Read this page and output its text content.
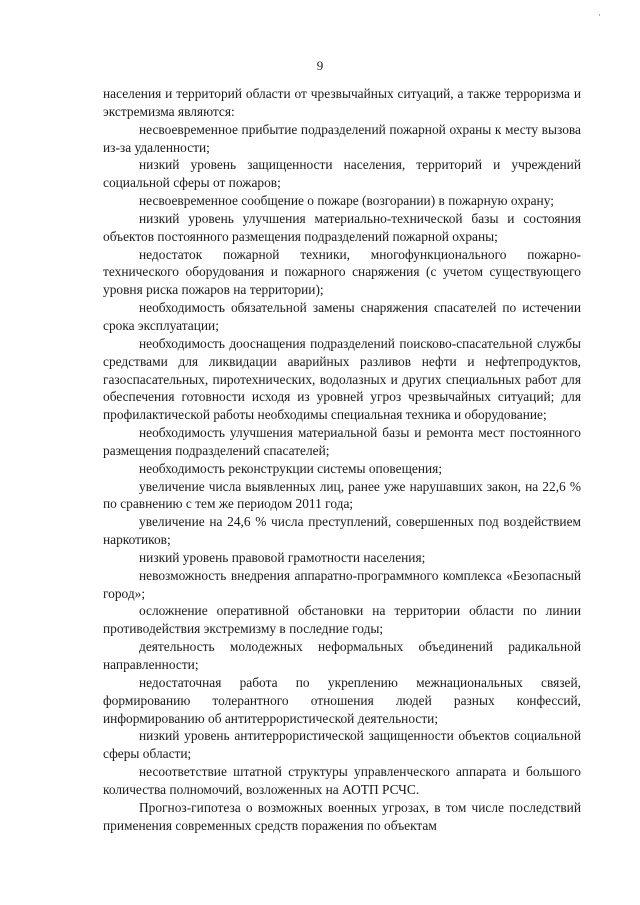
·
9

населения и территорий области от чрезвычайных ситуаций, а также терроризма и экстремизма являются:

несвоевременное прибытие подразделений пожарной охраны к месту вызова из-за удаленности;

низкий уровень защищенности населения, территорий и учреждений социальной сферы от пожаров;

несвоевременное сообщение о пожаре (возгорании) в пожарную охрану;

низкий уровень улучшения материально-технической базы и состояния объектов постоянного размещения подразделений пожарной охраны;

недостаток пожарной техники, многофункционального пожарно-технического оборудования и пожарного снаряжения (с учетом существующего уровня риска пожаров на территории);

необходимость обязательной замены снаряжения спасателей по истечении срока эксплуатации;

необходимость дооснащения подразделений поисково-спасательной службы средствами для ликвидации аварийных разливов нефти и нефтепродуктов, газоспасательных, пиротехнических, водолазных и других специальных работ для обеспечения готовности исходя из уровней угроз чрезвычайных ситуаций; для профилактической работы необходимы специальная техника и оборудование;

необходимость улучшения материальной базы и ремонта мест постоянного размещения подразделений спасателей;

необходимость реконструкции системы оповещения;

увеличение числа выявленных лиц, ранее уже нарушавших закон, на 22,6 % по сравнению с тем же периодом 2011 года;

увеличение на 24,6 % числа преступлений, совершенных под воздействием наркотиков;

низкий уровень правовой грамотности населения;

невозможность внедрения аппаратно-программного комплекса «Безопасный город»;

осложнение оперативной обстановки на территории области по линии противодействия экстремизму в последние годы;

деятельность молодежных неформальных объединений радикальной направленности;

недостаточная работа по укреплению межнациональных связей, формированию толерантного отношения людей разных конфессий, информированию об антитеррористической деятельности;

низкий уровень антитеррористической защищенности объектов социальной сферы области;

несоответствие штатной структуры управленческого аппарата и большого количества полномочий, возложенных на АОТП РСЧС.

Прогноз-гипотеза о возможных военных угрозах, в том числе последствий применения современных средств поражения по объектам
